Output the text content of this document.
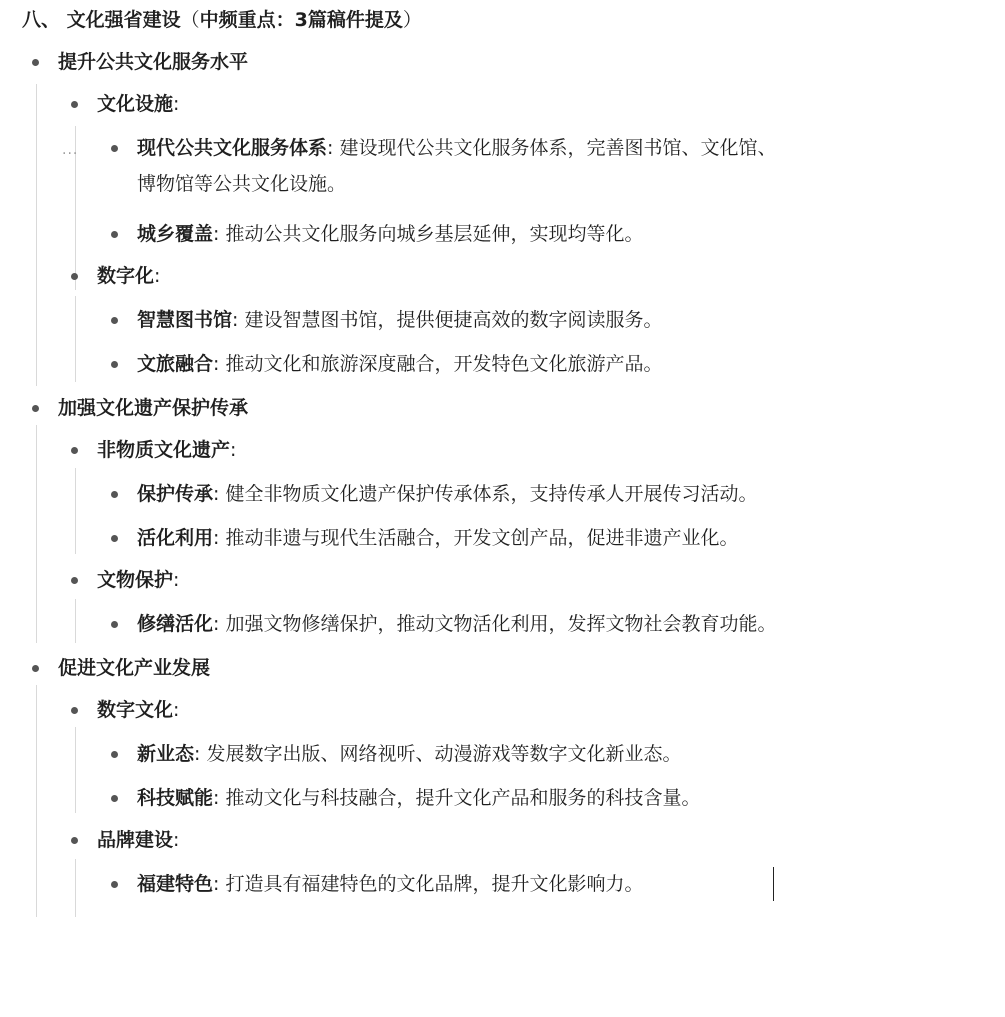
八、 文化强省建设（中频重点：3篇稿件提及）
···
提升公共文化服务水平
文化设施:
现代公共文化服务体系: 建设现代公共文化服务体系，完善图书馆、文化馆、
博物馆等公共文化设施。
城乡覆盖: 推动公共文化服务向城乡基层延伸，实现均等化。
数字化:
智慧图书馆: 建设智慧图书馆，提供便捷高效的数字阅读服务。
文旅融合: 推动文化和旅游深度融合，开发特色文化旅游产品。
加强文化遗产保护传承
非物质文化遗产:
保护传承: 健全非物质文化遗产保护传承体系，支持传承人开展传习活动。
活化利用: 推动非遗与现代生活融合，开发文创产品，促进非遗产业化。
文物保护:
修缮活化: 加强文物修缮保护，推动文物活化利用，发挥文物社会教育功能。
促进文化产业发展
数字文化:
新业态: 发展数字出版、网络视听、动漫游戏等数字文化新业态。
科技赋能: 推动文化与科技融合，提升文化产品和服务的科技含量。
品牌建设:
福建特色: 打造具有福建特色的文化品牌，提升文化影响力。
